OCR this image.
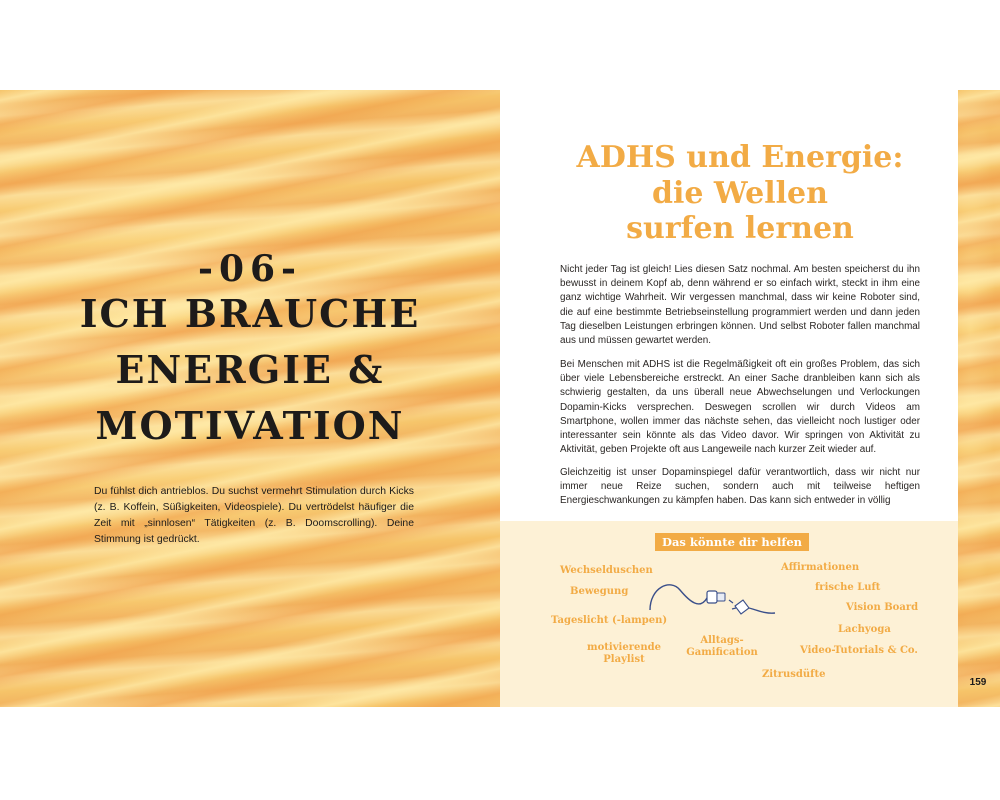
-06-
ICH BRAUCHE
ENERGIE &
MOTIVATION
Du fühlst dich antrieblos. Du suchst vermehrt Stimulation durch Kicks (z. B. Koffein, Süßigkeiten, Videospiele). Du vertrödelst häufiger die Zeit mit „sinnlosen“ Tätigkeiten (z. B. Doomscrolling). Deine Stimmung ist gedrückt.
ADHS und Energie:
die Wellen
surfen lernen

Nicht jeder Tag ist gleich! Lies diesen Satz nochmal. Am besten speicherst du ihn bewusst in deinem Kopf ab, denn während er so einfach wirkt, steckt in ihm eine ganz wichtige Wahrheit. Wir vergessen manchmal, dass wir keine Roboter sind, die auf eine bestimmte Betriebseinstellung programmiert werden und dann jeden Tag dieselben Leistungen erbringen können. Und selbst Roboter fallen manchmal aus und müssen gewartet werden.

Bei Menschen mit ADHS ist die Regelmäßigkeit oft ein großes Problem, das sich über viele Lebensbereiche erstreckt. An einer Sache dranbleiben kann sich als schwierig gestalten, da uns überall neue Abwechselungen und Verlockungen Dopamin-Kicks versprechen. Deswegen scrollen wir durch Videos am Smartphone, wollen immer das nächste sehen, das vielleicht noch lustiger oder interessanter sein könnte als das Video davor. Wir springen von Aktivität zu Aktivität, geben Projekte oft aus Langeweile nach kurzer Zeit wieder auf.

Gleichzeitig ist unser Dopaminspiegel dafür verantwortlich, dass wir nicht nur immer neue Reize suchen, sondern auch mit teilweise heftigen Energieschwankungen zu kämpfen haben. Das kann sich entweder in völlig

Das könnte dir helfen
Wechselduschen
Bewegung
Tageslicht (-lampen)
motivierende
Playlist
Alltags-
Gamification
Affirmationen
frische Luft
Vision Board
Lachyoga
Video-Tutorials & Co.
Zitrusdüfte
159
